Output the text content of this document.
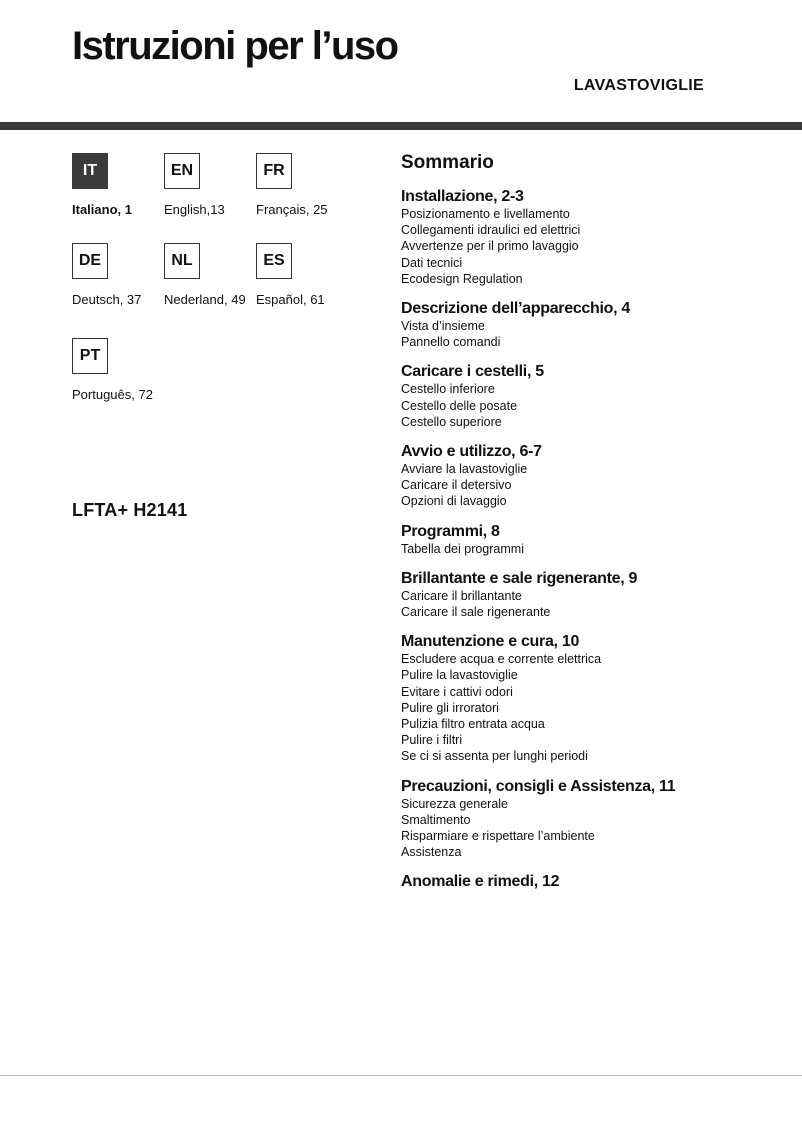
Istruzioni per l’uso
LAVASTOVIGLIE
IT
Italiano, 1
EN
English,13
FR
Français, 25
DE
Deutsch, 37
NL
Nederland, 49
ES
Español, 61
PT
Português, 72
LFTA+ H2141
Sommario
Installazione, 2-3
Posizionamento e livellamento
Collegamenti idraulici ed elettrici
Avvertenze per il primo lavaggio
Dati tecnici
Ecodesign Regulation
Descrizione dell’apparecchio, 4
Vista d’insieme
Pannello comandi
Caricare i cestelli, 5
Cestello inferiore
Cestello delle posate
Cestello superiore
Avvio e utilizzo, 6-7
Avviare la lavastoviglie
Caricare il detersivo
Opzioni di lavaggio
Programmi, 8
Tabella dei programmi
Brillantante e sale rigenerante, 9
Caricare il brillantante
Caricare il sale rigenerante
Manutenzione e cura, 10
Escludere acqua e corrente elettrica
Pulire la lavastoviglie
Evitare i cattivi odori
Pulire gli irroratori
Pulizia filtro entrata acqua
Pulire i filtri
Se ci si assenta per lunghi periodi
Precauzioni, consigli e Assistenza, 11
Sicurezza generale
Smaltimento
Risparmiare e rispettare l’ambiente
Assistenza
Anomalie e rimedi, 12
